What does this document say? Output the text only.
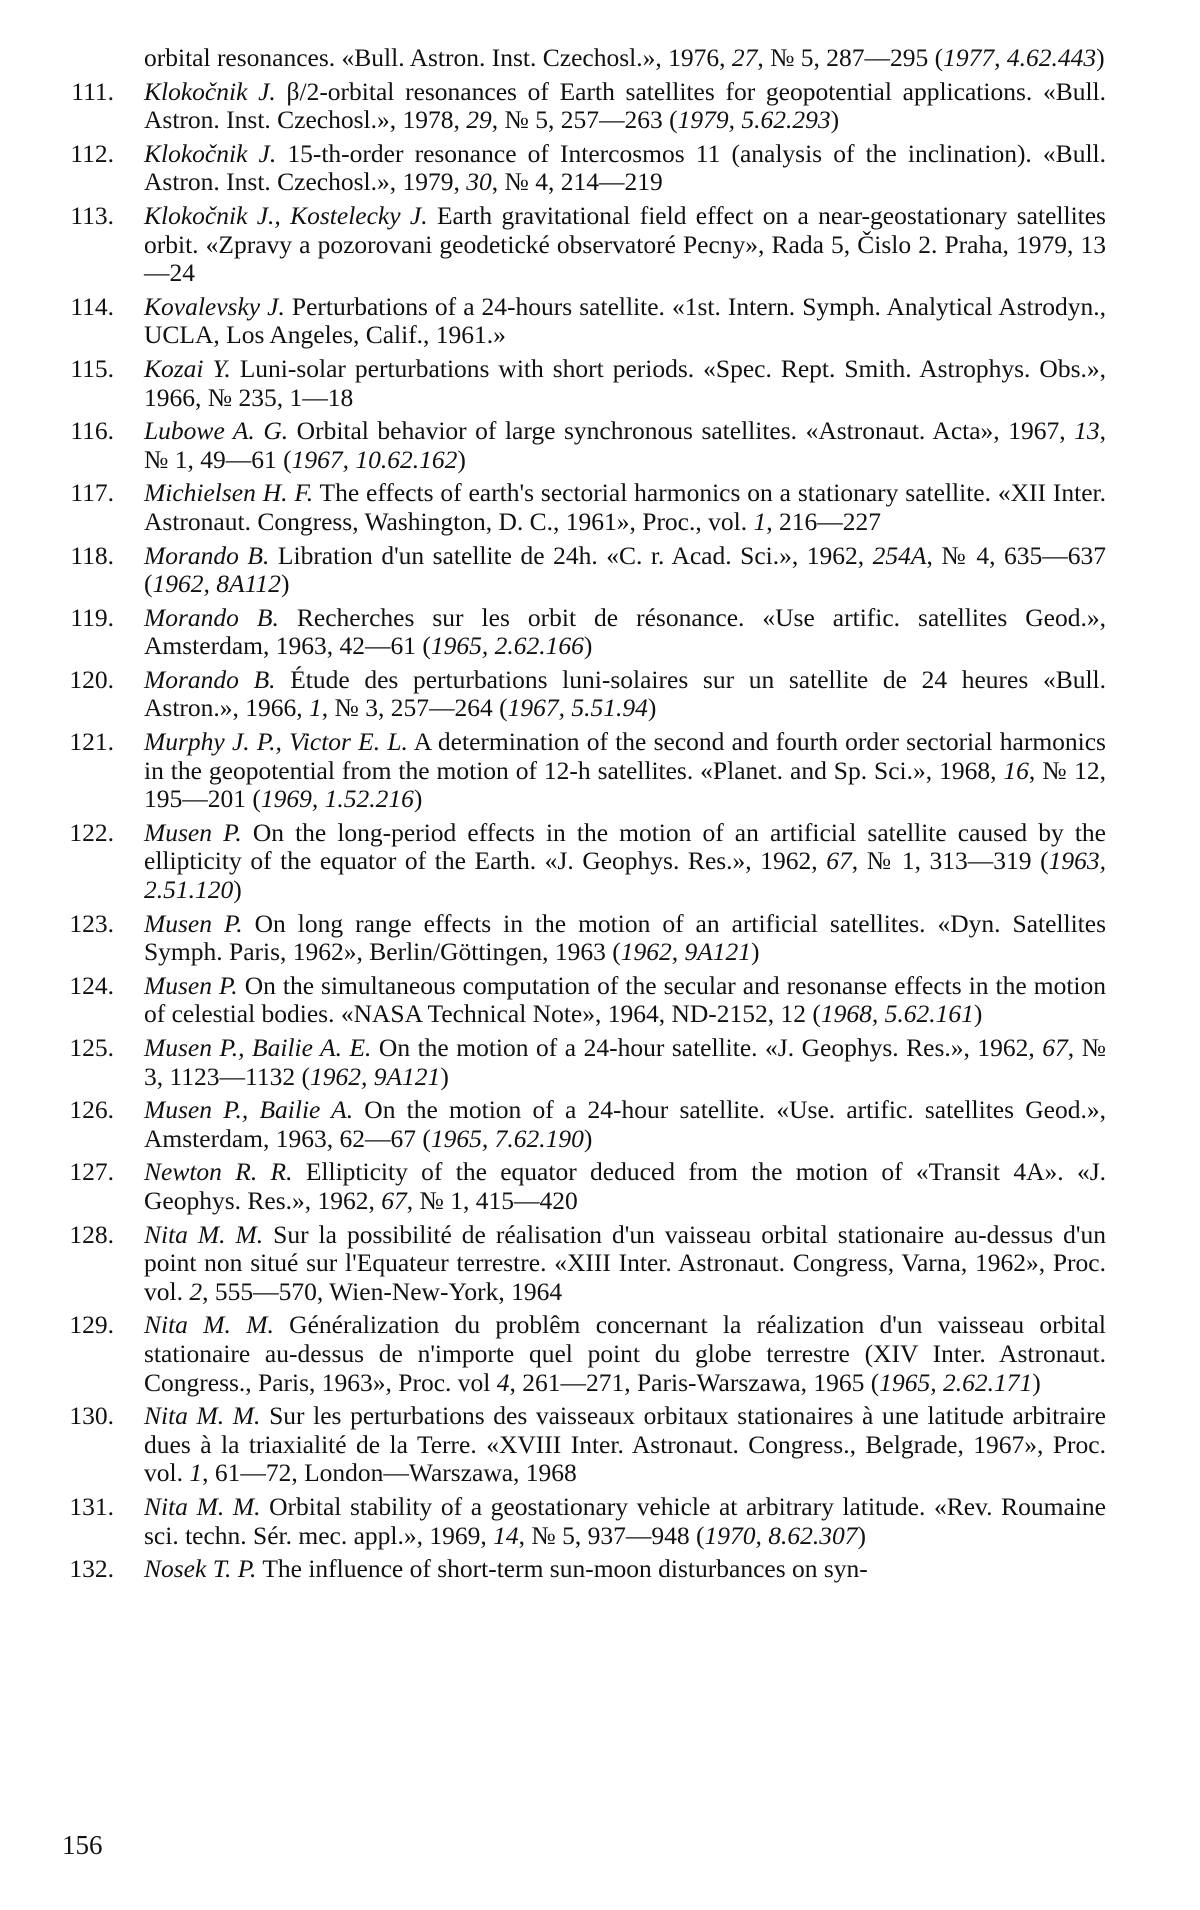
orbital resonances. «Bull. Astron. Inst. Czechosl.», 1976, 27, № 5, 287—295 (1977, 4.62.443)

111. Klokočnik J. β/2-orbital resonances of Earth satellites for geopotential applications. «Bull. Astron. Inst. Czechosl.», 1978, 29, № 5, 257—263 (1979, 5.62.293)

112. Klokočnik J. 15-th-order resonance of Intercosmos 11 (analysis of the inclination). «Bull. Astron. Inst. Czechosl.», 1979, 30, № 4, 214—219

113. Klokočnik J., Kostelecky J. Earth gravitational field effect on a near-geostationary satellites orbit. «Zpravy a pozorovani geodetické observatoré Pecny», Rada 5, Čislo 2. Praha, 1979, 13—24

114. Kovalevsky J. Perturbations of a 24-hours satellite. «1st. Intern. Symph. Analytical Astrodyn., UCLA, Los Angeles, Calif., 1961.»

115. Kozai Y. Luni-solar perturbations with short periods. «Spec. Rept. Smith. Astrophys. Obs.», 1966, № 235, 1—18

116. Lubowe A. G. Orbital behavior of large synchronous satellites. «Astronaut. Acta», 1967, 13, № 1, 49—61 (1967, 10.62.162)

117. Michielsen H. F. The effects of earth's sectorial harmonics on a stationary satellite. «XII Inter. Astronaut. Congress, Washington, D. C., 1961», Proc., vol. 1, 216—227

118. Morando B. Libration d'un satellite de 24h. «C. r. Acad. Sci.», 1962, 254A, № 4, 635—637 (1962, 8A112)

119. Morando B. Recherches sur les orbit de résonance. «Use artific. satellites Geod.», Amsterdam, 1963, 42—61 (1965, 2.62.166)

120. Morando B. Étude des perturbations luni-solaires sur un satellite de 24 heures «Bull. Astron.», 1966, 1, № 3, 257—264 (1967, 5.51.94)

121. Murphy J. P., Victor E. L. A determination of the second and fourth order sectorial harmonics in the geopotential from the motion of 12-h satellites. «Planet. and Sp. Sci.», 1968, 16, № 12, 195—201 (1969, 1.52.216)

122. Musen P. On the long-period effects in the motion of an artificial satellite caused by the ellipticity of the equator of the Earth. «J. Geophys. Res.», 1962, 67, № 1, 313—319 (1963, 2.51.120)

123. Musen P. On long range effects in the motion of an artificial satellites. «Dyn. Satellites Symph. Paris, 1962», Berlin/Göttingen, 1963 (1962, 9A121)

124. Musen P. On the simultaneous computation of the secular and resonanse effects in the motion of celestial bodies. «NASA Technical Note», 1964, ND-2152, 12 (1968, 5.62.161)

125. Musen P., Bailie A. E. On the motion of a 24-hour satellite. «J. Geophys. Res.», 1962, 67, № 3, 1123—1132 (1962, 9A121)

126. Musen P., Bailie A. On the motion of a 24-hour satellite. «Use. artific. satellites Geod.», Amsterdam, 1963, 62—67 (1965, 7.62.190)

127. Newton R. R. Ellipticity of the equator deduced from the motion of «Transit 4A». «J. Geophys. Res.», 1962, 67, № 1, 415—420

128. Nita M. M. Sur la possibilité de réalisation d'un vaisseau orbital stationaire au-dessus d'un point non situé sur l'Equateur terrestre. «XIII Inter. Astronaut. Congress, Varna, 1962», Proc. vol. 2, 555—570, Wien-New-York, 1964

129. Nita M. M. Généralization du problêm concernant la réalization d'un vaisseau orbital stationaire au-dessus de n'importe quel point du globe terrestre (XIV Inter. Astronaut. Congress., Paris, 1963», Proc. vol 4, 261—271, Paris-Warszawa, 1965 (1965, 2.62.171)

130. Nita M. M. Sur les perturbations des vaisseaux orbitaux stationaires à une latitude arbitraire dues à la triaxialité de la Terre. «XVIII Inter. Astronaut. Congress., Belgrade, 1967», Proc. vol. 1, 61—72, London—Warszawa, 1968

131. Nita M. M. Orbital stability of a geostationary vehicle at arbitrary latitude. «Rev. Roumaine sci. techn. Sér. mec. appl.», 1969, 14, № 5, 937—948 (1970, 8.62.307)

132. Nosek T. P. The influence of short-term sun-moon disturbances on syn-

156
